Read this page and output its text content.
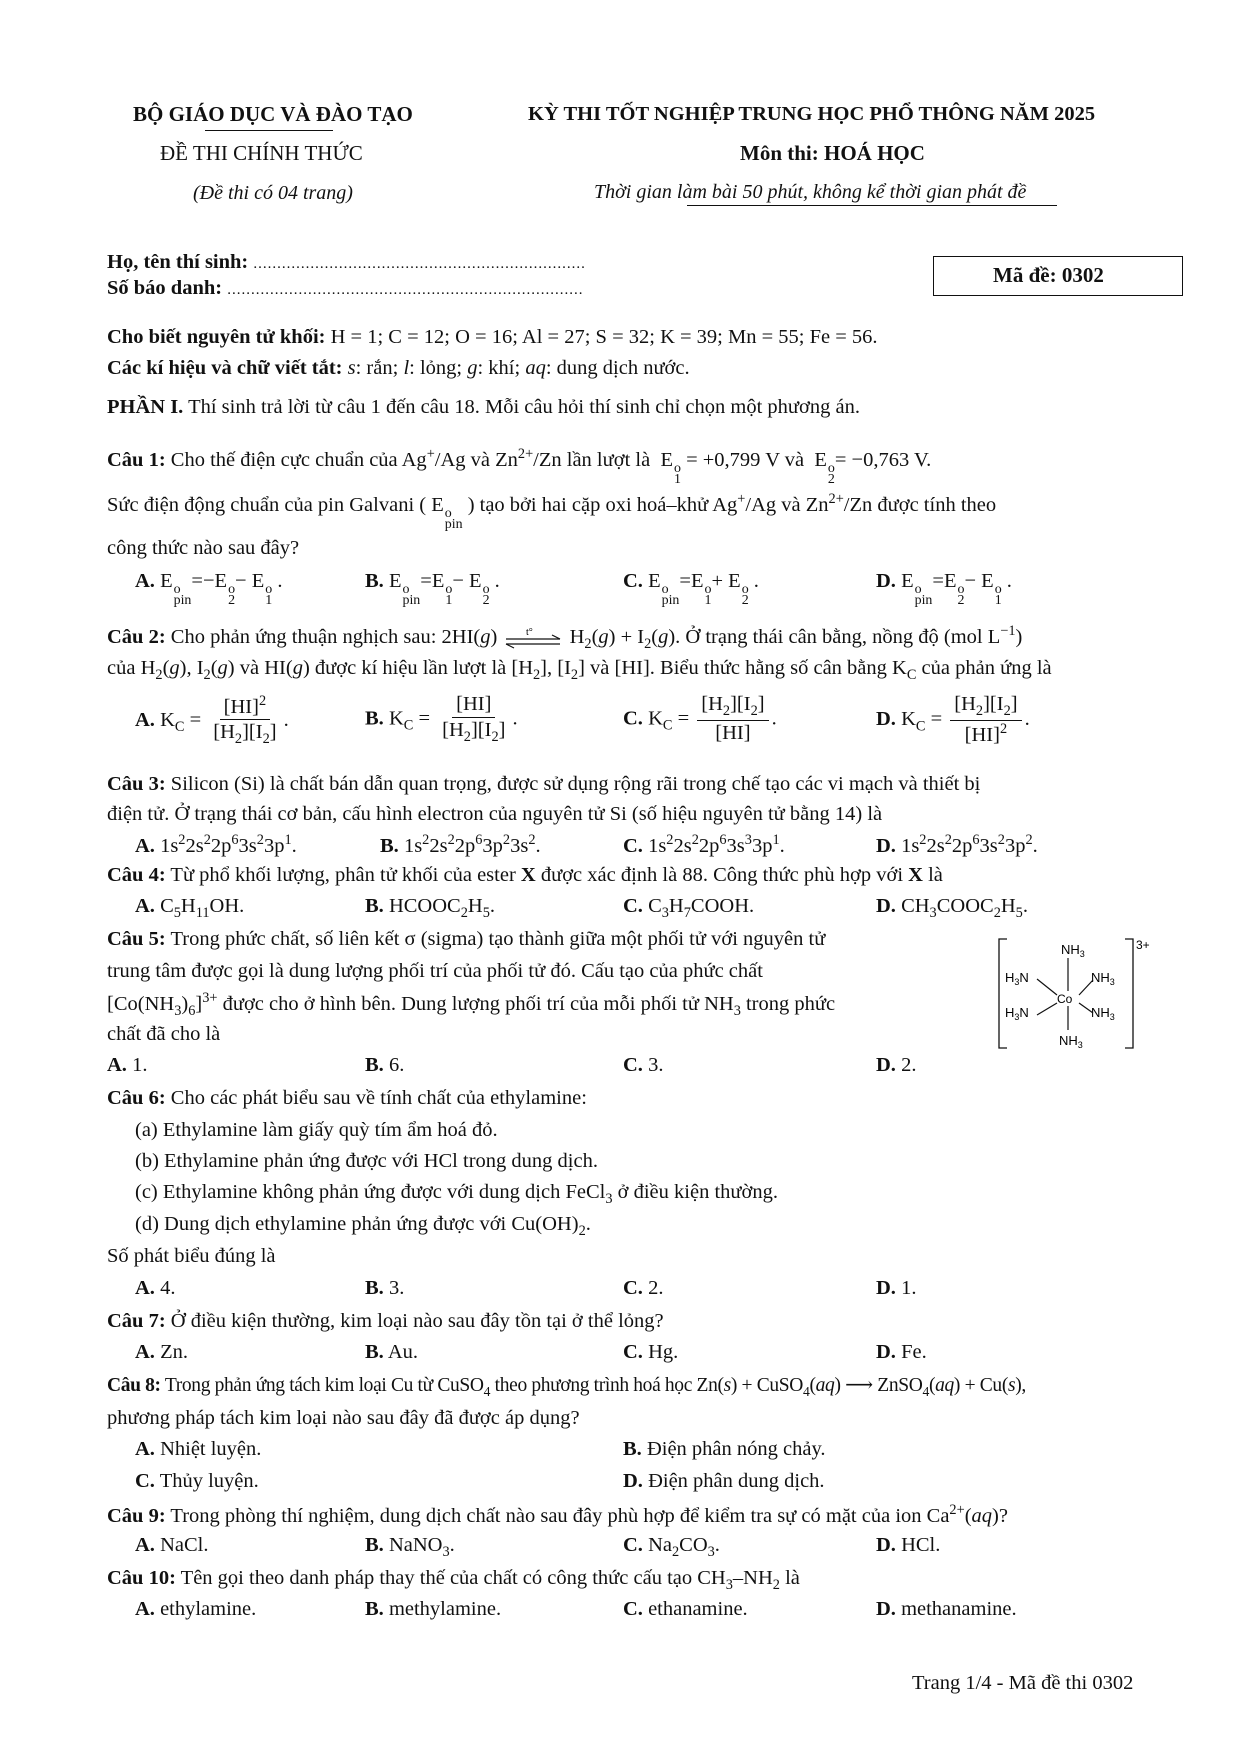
BỘ GIÁO DỤC VÀ ĐÀO TẠO
ĐỀ THI CHÍNH THỨC
(Đề thi có 04 trang)
KỲ THI TỐT NGHIỆP TRUNG HỌC PHỔ THÔNG NĂM 2025
Môn thi: HOÁ HỌC
Thời gian làm bài 50 phút, không kể thời gian phát đề
Họ, tên thí sinh: ......................................................................
Số báo danh: ...........................................................................
Mã đề: 0302
Cho biết nguyên tử khối: H = 1; C = 12; O = 16; Al = 27; S = 32; K = 39; Mn = 55; Fe = 56.
Các kí hiệu và chữ viết tắt: s: rắn; l: lỏng; g: khí; aq: dung dịch nước.
PHẦN I. Thí sinh trả lời từ câu 1 đến câu 18. Mỗi câu hỏi thí sinh chỉ chọn một phương án.
Câu 1: Cho thế điện cực chuẩn của Ag+/Ag và $Zn^{2+}/Zn$ lần lượt là  E o
1
= +0,799 V và  E o
2
= −0,763 V.
Sức điện động chuẩn của pin Galvani ( E o
pin
) tạo bởi hai cặp oxi hoá–khử Ag+/Ag và $Zn^{2+}/Zn$ được tính theo
công thức nào sau đây?
A. E o
pin
=−E o
2
− E o
1
.	B. E o
pin
=E o
1
− E o
2
.	C. E o
pin
=E o
1
+ E o
2
.	D. E o
pin
=E o
2
− E o
1
.
Câu 2: Cho phản ứng thuận nghịch sau: 2HI(g) t° $H_2(g) + I_2(g)$. Ở trạng thái cân bằng, nồng độ (mol $L^{-1}$)
của $H_2(g)$, $I_2(g)$ và HI(g) được kí hiệu lần lượt là $[H_2]$, $[I_2]$ và [HI]. Biểu thức hằng số cân bằng $K_C$ của phản ứng là
A. $K_C = \frac{[HI]^2}{[H_2][I_2]}$ .	B. $K_C = \frac{[HI]}{[H_2][I_2]}$ .	C. $K_C = \frac{[H_2][I_2]}{[HI]}$ .	D. $K_C = \frac{[H_2][I_2]}{[HI]^2}$ .
Câu 3: Silicon (Si) là chất bán dẫn quan trọng, được sử dụng rộng rãi trong chế tạo các vi mạch và thiết bị
điện tử. Ở trạng thái cơ bản, cấu hình electron của nguyên tử Si (số hiệu nguyên tử bằng 14) là
A. $1s^22s^22p^63s^23p^1$.	B. $1s^22s^22p^63p^23s^2$.	C. $1s^22s^22p^63s^33p^1$.	D. $1s^22s^22p^63s^23p^2$.
Câu 4: Từ phổ khối lượng, phân tử khối của ester X được xác định là 88. Công thức phù hợp với X là
A. $C_5H_{11}OH$.	B. $HCOOC_2H_5$.	C. $C_3H_7COOH$.	D. $CH_3COOC_2H_5$.
Câu 5: Trong phức chất, số liên kết σ (sigma) tạo thành giữa một phối tử với nguyên tử
trung tâm được gọi là dung lượng phối trí của phối tử đó. Cấu tạo của phức chất
$[Co(NH_3)_6]^{3+}$ được cho ở hình bên. Dung lượng phối trí của mỗi phối tử $NH_3$ trong phức
chất đã cho là
3+
$NH_3$
$NH_3$
$H_3N$
$H_3N$
$NH_3$
$NH_3$
Co
A. 1.	B. 6.	C. 3.	D. 2.
Câu 6: Cho các phát biểu sau về tính chất của ethylamine:
(a) Ethylamine làm giấy quỳ tím ẩm hoá đỏ.
(b) Ethylamine phản ứng được với HCl trong dung dịch.
(c) Ethylamine không phản ứng được với dung dịch FeCl$_3$ ở điều kiện thường.
(d) Dung dịch ethylamine phản ứng được với $Cu(OH)_2$.
Số phát biểu đúng là
A. 4.	B. 3.	C. 2.	D. 1.
Câu 7: Ở điều kiện thường, kim loại nào sau đây tồn tại ở thể lỏng?
A. Zn.	B. Au.	C. Hg.	D. Fe.
Câu 8: Trong phản ứng tách kim loại Cu từ CuSO$_4$ theo phương trình hoá học Zn(s) + CuSO$_4$(aq) ⟶ ZnSO$_4$(aq) + Cu(s),
phương pháp tách kim loại nào sau đây đã được áp dụng?
A. Nhiệt luyện.	B. Điện phân nóng chảy.
C. Thủy luyện.	D. Điện phân dung dịch.
Câu 9: Trong phòng thí nghiệm, dung dịch chất nào sau đây phù hợp để kiểm tra sự có mặt của ion $Ca^{2+}(aq)$?
A. NaCl.	B. NaNO$_3$.	C. $Na_2CO_3$.	D. HCl.
Câu 10: Tên gọi theo danh pháp thay thế của chất có công thức cấu tạo $CH_3-NH_2$ là
A. ethylamine.	B. methylamine.	C. ethanamine.	D. methanamine.
Trang 1/4 - Mã đề thi 0302
